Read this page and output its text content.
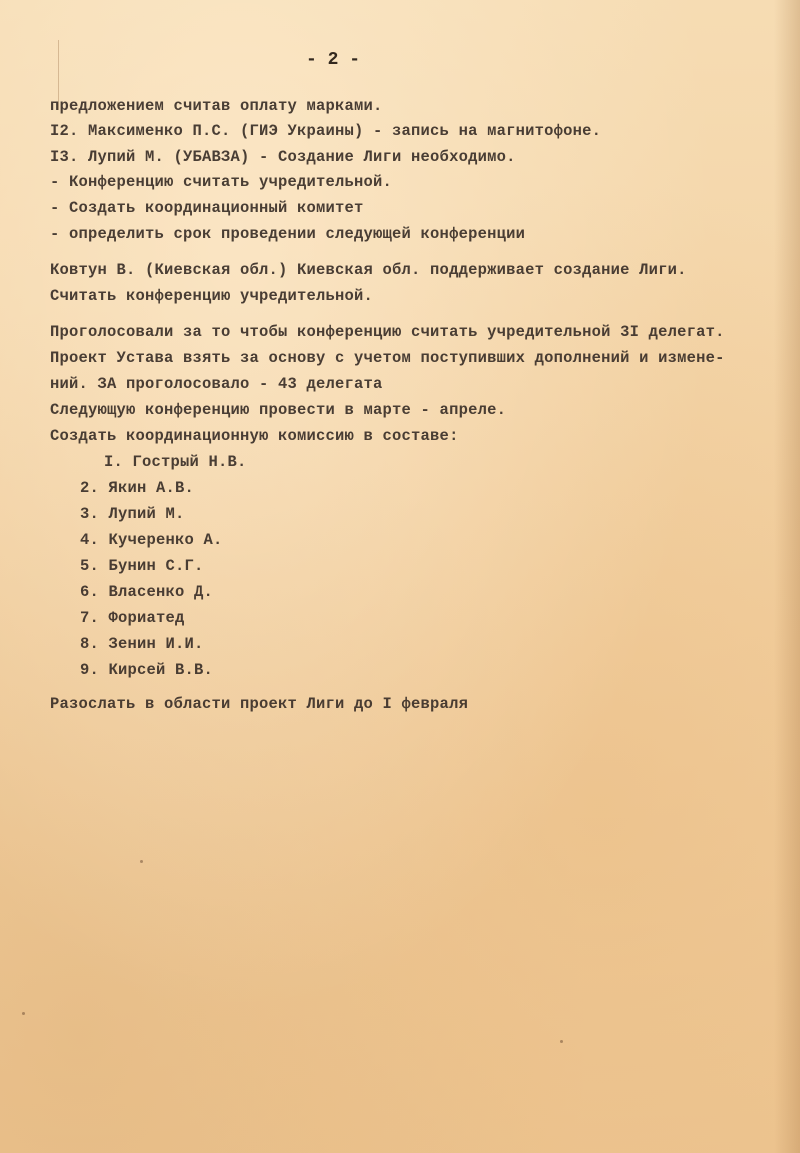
- 2 -
предложением считав оплату марками.
I2. Максименко П.С. (ГИЭ Украины) - запись на магнитофоне.
I3. Лупий М. (УБАВЗА) - Создание Лиги необходимо.
- Конференцию считать учредительной.
- Создать координационный комитет
- определить срок проведении следующей конференции
Ковтун В. (Киевская обл.) Киевская обл. поддерживает создание Лиги.
Считать конференцию учредительной.
Проголосовали за то чтобы конференцию считать учредительной 3I делегат.
Проект Устава взять за основу с учетом поступивших дополнений и измене-
ний. ЗА проголосовало - 43 делегата
Следующую конференцию провести в марте - апреле.
Создать координационную комиссию в составе:
I. Гострый Н.В.
2. Якин А.В.
3. Лупий М.
4. Кучеренко А.
5. Бунин С.Г.
6. Власенко Д.
7. Фориатед
8. Зенин И.И.
9. Кирсей В.В.
Разослать в области проект Лиги до I февраля
